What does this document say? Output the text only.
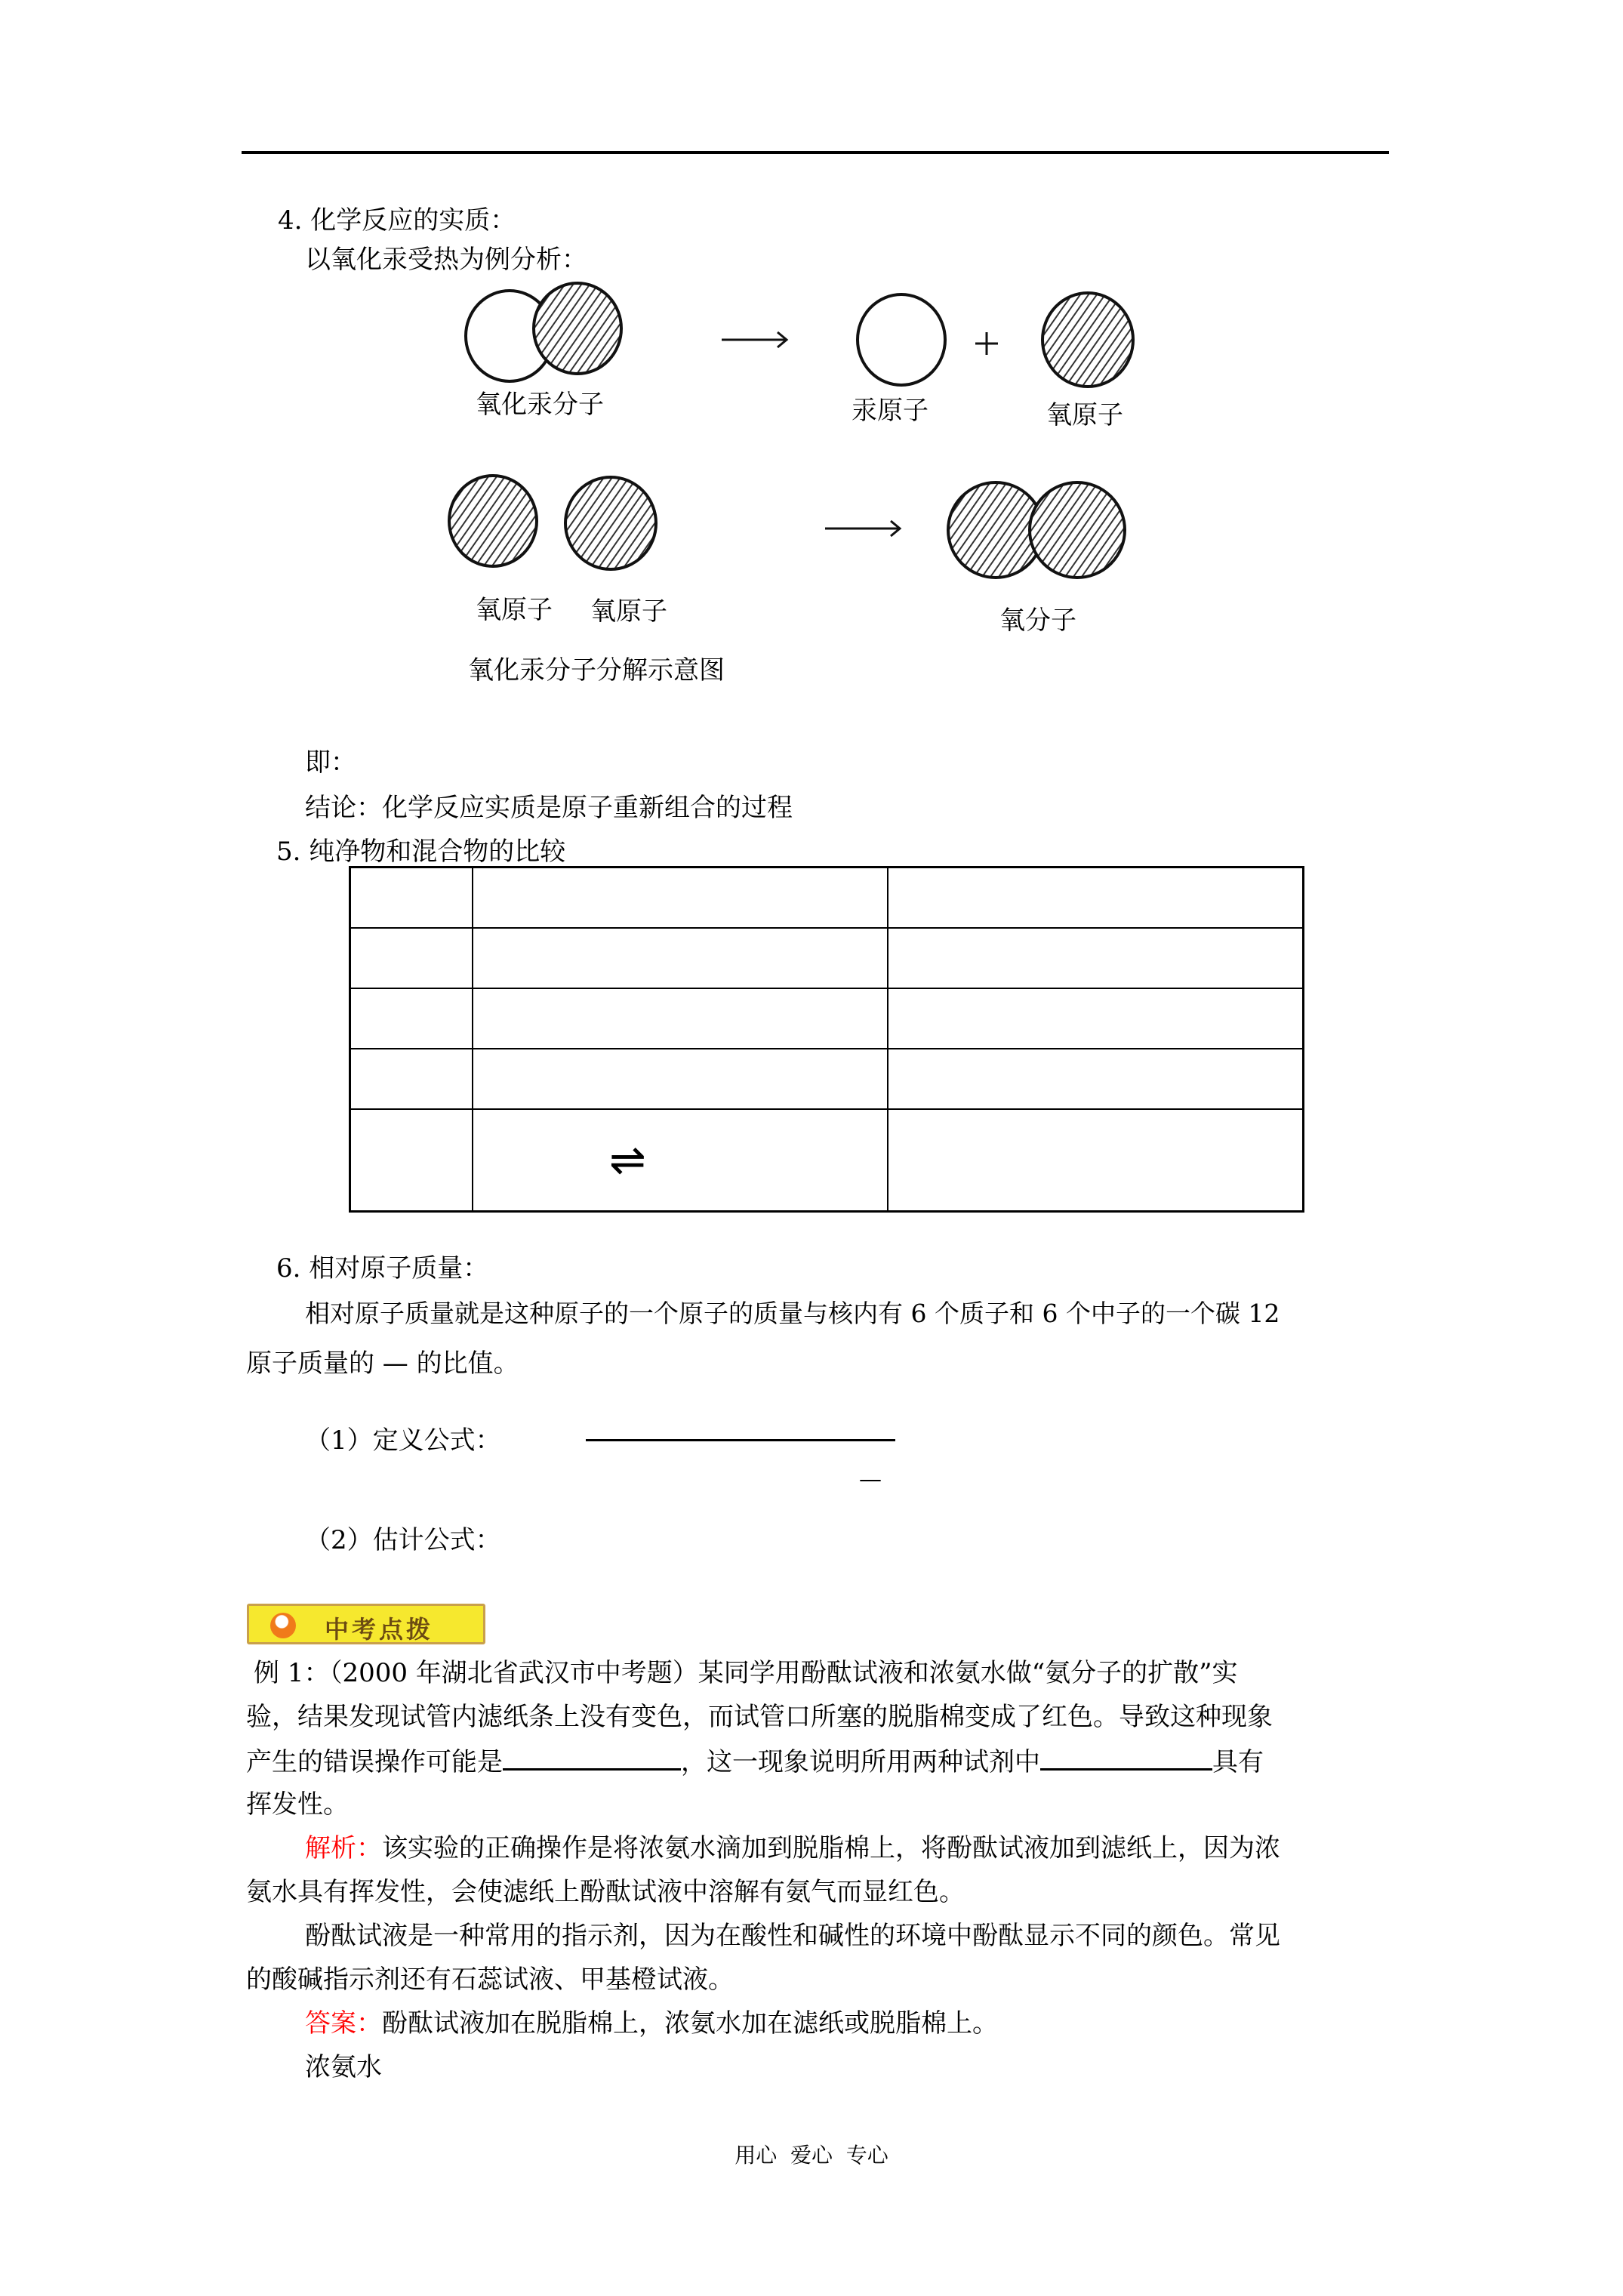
4. 化学反应的实质：
以氧化汞受热为例分析：
氧化汞分子	汞原子	氧原子
氧原子 氧原子	氧分子
氧化汞分子分解示意图
即：
结论：化学反应实质是原子重新组合的过程
5. 纯净物和混合物的比较

	⇌	

6. 相对原子质量：
相对原子质量就是这种原子的一个原子的质量与核内有 6 个质子和 6 个中子的一个碳 12
原子质量的 — 的比值。
（1）定义公式：
—
（2）估计公式：
中考点拨
例 1：（2000 年湖北省武汉市中考题）某同学用酚酞试液和浓氨水做“氨分子的扩散”实
验，结果发现试管内滤纸条上没有变色，而试管口所塞的脱脂棉变成了红色。导致这种现象
产生的错误操作可能是	，这一现象说明所用两种试剂中	具有
挥发性。
解析：该实验的正确操作是将浓氨水滴加到脱脂棉上，将酚酞试液加到滤纸上，因为浓
氨水具有挥发性，会使滤纸上酚酞试液中溶解有氨气而显红色。
酚酞试液是一种常用的指示剂，因为在酸性和碱性的环境中酚酞显示不同的颜色。常见
的酸碱指示剂还有石蕊试液、甲基橙试液。
答案：酚酞试液加在脱脂棉上，浓氨水加在滤纸或脱脂棉上。
浓氨水
用心  爱心  专心
